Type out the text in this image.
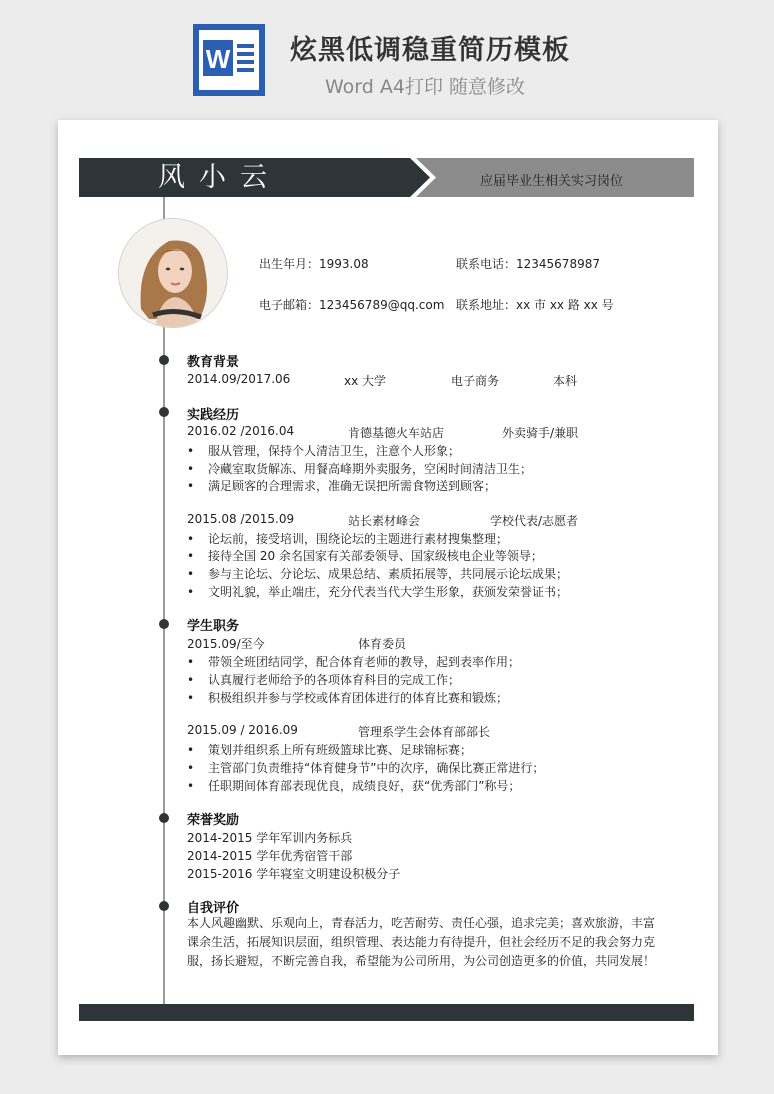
W 炫黑低调稳重简历模板
Word A4打印 随意修改
风小云	应届毕业生相关实习岗位
出生年月：1993.08	联系电话：12345678987
电子邮箱：123456789@qq.com 联系地址：xx 市 xx 路 xx 号
教育背景
2014.09/2017.06	xx 大学	电子商务	本科
实践经历
2016.02 /2016.04	肯德基德火车站店	外卖骑手/兼职
• 服从管理，保持个人清洁卫生，注意个人形象；
• 冷藏室取货解冻、用餐高峰期外卖服务，空闲时间清洁卫生；
• 满足顾客的合理需求，准确无误把所需食物送到顾客；
2015.08 /2015.09	站长素材峰会	学校代表/志愿者
• 论坛前，接受培训，围绕论坛的主题进行素材搜集整理；
• 接待全国 20 余名国家有关部委领导、国家级核电企业等领导；
• 参与主论坛、分论坛、成果总结、素质拓展等，共同展示论坛成果；
• 文明礼貌，举止端庄，充分代表当代大学生形象，获颁发荣誉证书；
学生职务
2015.09/至今	体育委员
• 带领全班团结同学，配合体育老师的教导，起到表率作用；
• 认真履行老师给予的各项体育科目的完成工作；
• 积极组织并参与学校或体育团体进行的体育比赛和锻炼；
2015.09 / 2016.09	管理系学生会体育部部长
• 策划并组织系上所有班级篮球比赛、足球锦标赛；
• 主管部门负责维持“体育健身节”中的次序，确保比赛正常进行；
• 任职期间体育部表现优良，成绩良好，获“优秀部门”称号；
荣誉奖励
2014-2015 学年军训内务标兵
2014-2015 学年优秀宿管干部
2015-2016 学年寝室文明建设积极分子
自我评价
本人风趣幽默、乐观向上，青春活力，吃苦耐劳、责任心强，追求完美；喜欢旅游，丰富课余生活，拓展知识层面，组织管理、表达能力有待提升，但社会经历不足的我会努力克服，扬长避短，不断完善自我，希望能为公司所用，为公司创造更多的价值，共同发展！
